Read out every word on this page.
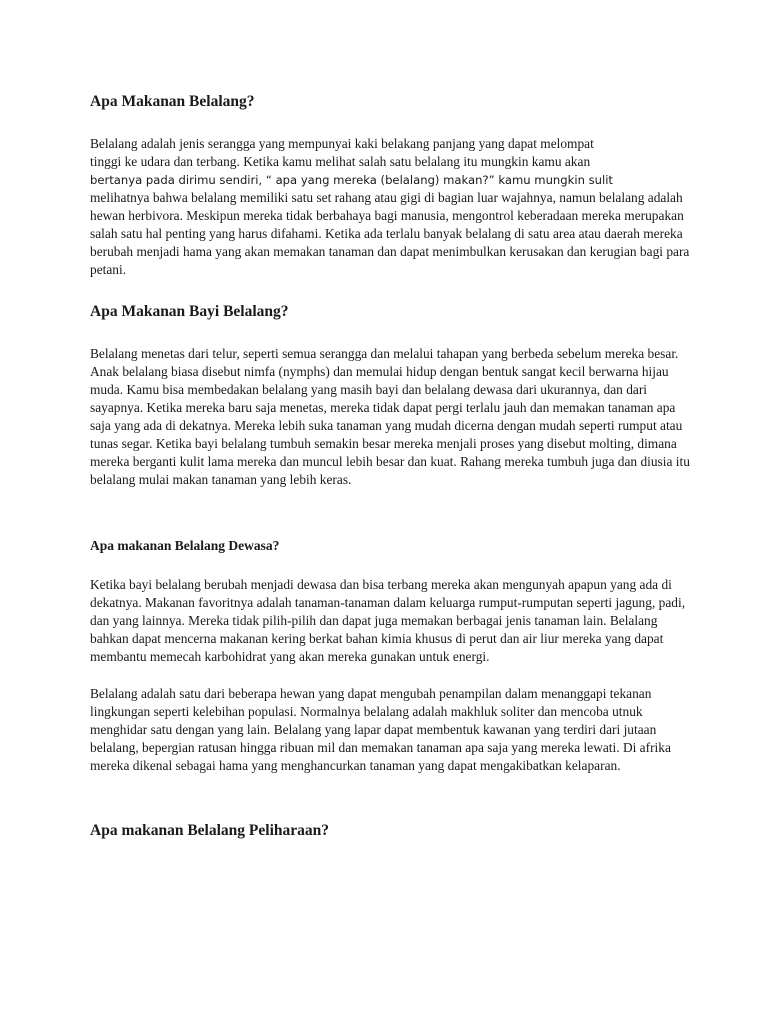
Apa Makanan Belalang?

Belalang adalah jenis serangga yang mempunyai kaki belakang panjang yang dapat melompat

tinggi ke udara dan terbang. Ketika kamu melihat salah satu belalang itu mungkin kamu akan

bertanya pada dirimu sendiri, “ apa yang mereka (belalang) makan?” kamu mungkin sulit

melihatnya bahwa belalang memiliki satu set rahang atau gigi di bagian luar wajahnya, namun belalang adalah hewan herbivora. Meskipun mereka tidak berbahaya bagi manusia, mengontrol keberadaan mereka merupakan salah satu hal penting yang harus difahami. Ketika ada terlalu banyak belalang di satu area atau daerah mereka berubah menjadi hama yang akan memakan tanaman dan dapat menimbulkan kerusakan dan kerugian bagi para petani.

Apa Makanan Bayi Belalang?

Belalang menetas dari telur, seperti semua serangga dan melalui tahapan yang berbeda sebelum mereka besar. Anak belalang biasa disebut nimfa (nymphs) dan memulai hidup dengan bentuk sangat kecil berwarna hijau muda. Kamu bisa membedakan belalang yang masih bayi dan belalang dewasa dari ukurannya, dan dari sayapnya. Ketika mereka baru saja menetas, mereka tidak dapat pergi terlalu jauh dan memakan tanaman apa saja yang ada di dekatnya. Mereka lebih suka tanaman yang mudah dicerna dengan mudah seperti rumput atau tunas segar. Ketika bayi belalang tumbuh semakin besar mereka menjali proses yang disebut molting, dimana mereka berganti kulit lama mereka dan muncul lebih besar dan kuat. Rahang mereka tumbuh juga dan diusia itu belalang mulai makan tanaman yang lebih keras.

Apa makanan Belalang Dewasa?

Ketika bayi belalang berubah menjadi dewasa dan bisa terbang mereka akan mengunyah apapun yang ada di dekatnya. Makanan favoritnya adalah tanaman-tanaman dalam keluarga rumput-rumputan seperti jagung, padi, dan yang lainnya. Mereka tidak pilih-pilih dan dapat juga memakan berbagai jenis tanaman lain. Belalang bahkan dapat mencerna makanan kering berkat bahan kimia khusus di perut dan air liur mereka yang dapat membantu memecah karbohidrat yang akan mereka gunakan untuk energi.

Belalang adalah satu dari beberapa hewan yang dapat mengubah penampilan dalam menanggapi tekanan lingkungan seperti kelebihan populasi. Normalnya belalang adalah makhluk soliter dan mencoba utnuk menghidar satu dengan yang lain. Belalang yang lapar dapat membentuk kawanan yang terdiri dari jutaan belalang, bepergian ratusan hingga ribuan mil dan memakan tanaman apa saja yang mereka lewati. Di afrika mereka dikenal sebagai hama yang menghancurkan tanaman yang dapat mengakibatkan kelaparan.

Apa makanan Belalang Peliharaan?
